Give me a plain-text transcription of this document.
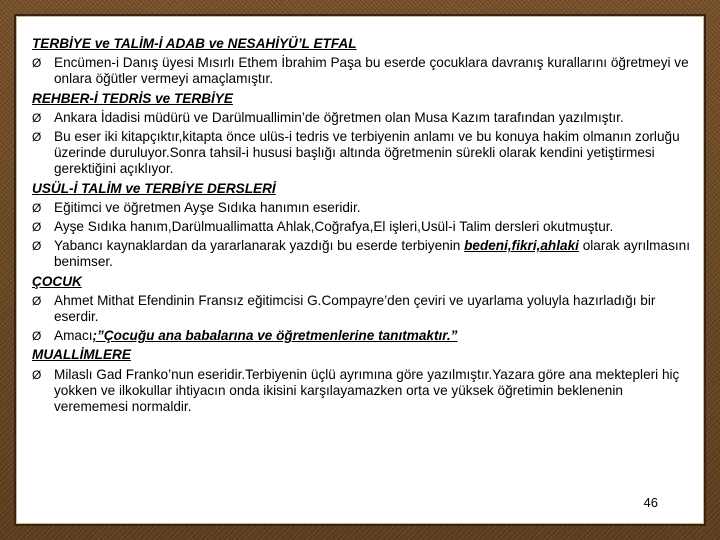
TERBİYE ve TALİM-İ ADAB ve NESAHİYÜ’L ETFAL

Ø Encümen-i Danış üyesi Mısırlı Ethem İbrahim Paşa bu eserde çocuklara davranış kurallarını öğretmeyi ve onlara öğütler vermeyi amaçlamıştır.

REHBER-İ TEDRİS ve TERBİYE

Ø Ankara İdadisi müdürü ve Darülmuallimin’de öğretmen olan Musa Kazım tarafından yazılmıştır.
Ø Bu eser iki kitapçıktır,kitapta önce ulüs-i tedris ve terbiyenin anlamı ve bu konuya hakim olmanın zorluğu üzerinde duruluyor.Sonra tahsil-i hususi başlığı altında öğretmenin sürekli olarak kendini yetiştirmesi gerektiğini açıklıyor.

USÜL-İ TALİM ve TERBİYE DERSLERİ

Ø Eğitimci ve öğretmen Ayşe Sıdıka hanımın eseridir.
Ø Ayşe Sıdıka hanım,Darülmuallimatta Ahlak,Coğrafya,El işleri,Usül-i Talim dersleri okutmuştur.
Ø Yabancı kaynaklardan da yararlanarak yazdığı bu eserde terbiyenin bedeni,fikri,ahlaki olarak ayrılmasını benimser.

ÇOCUK

Ø Ahmet Mithat Efendinin Fransız eğitimcisi G.Compayre’den çeviri ve uyarlama yoluyla hazırladığı bir eserdir.
Ø Amacı;”Çocuğu ana babalarına ve öğretmenlerine tanıtmaktır.”

MUALLİMLERE

Ø Milaslı Gad Franko’nun eseridir.Terbiyenin üçlü ayrımına göre yazılmıştır.Yazara göre ana mektepleri hiç yokken ve ilkokullar ihtiyacın onda ikisini karşılayamazken orta ve yüksek öğretimin beklenenin verememesi normaldir.
46
